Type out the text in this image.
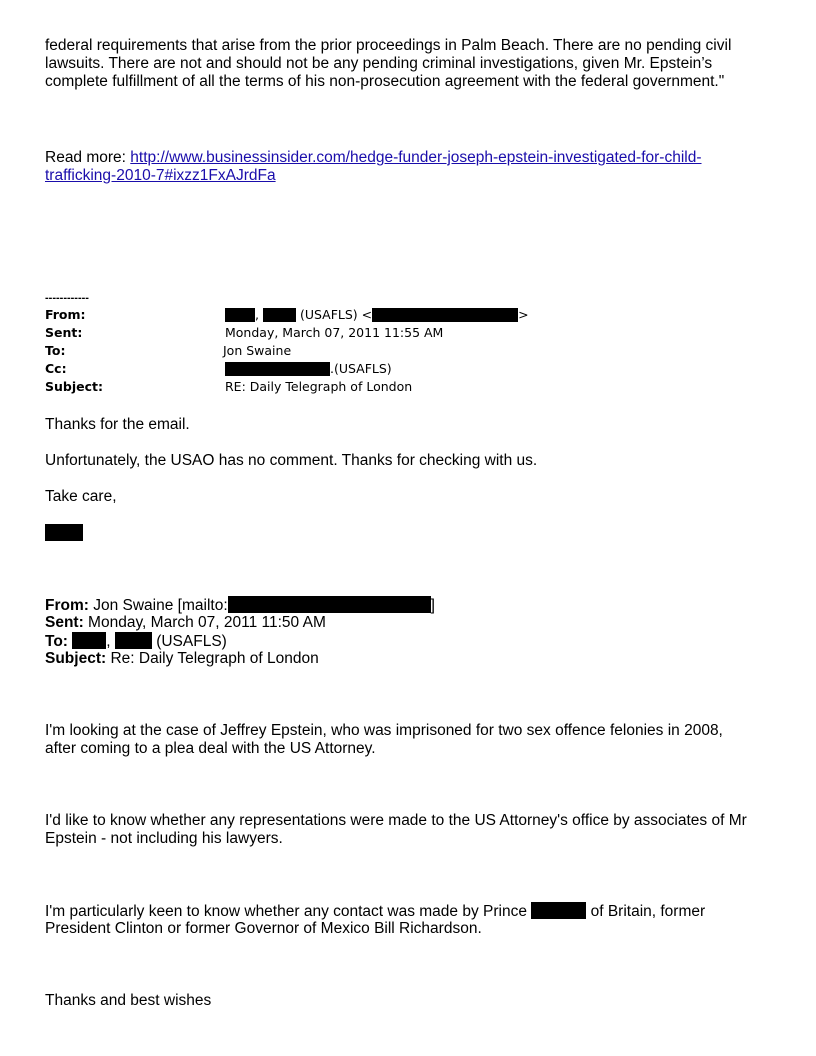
federal requirements that arise from the prior proceedings in Palm Beach. There are no pending civil
lawsuits. There are not and should not be any pending criminal investigations, given Mr. Epstein’s
complete fulfillment of all the terms of his non-prosecution agreement with the federal government."
Read more: http://www.businessinsider.com/hedge-funder-joseph-epstein-investigated-for-child-
trafficking-2010-7#ixzz1FxAJrdFa
------------
From:	,	(USAFLS) <	>
Sent:	Monday, March 07, 2011 11:55 AM
To:	Jon Swaine
Cc:	.(USAFLS)
Subject:	RE: Daily Telegraph of London
Thanks for the email.
Unfortunately, the USAO has no comment. Thanks for checking with us.
Take care,
From: Jon Swaine [mailto:	]
Sent: Monday, March 07, 2011 11:50 AM
To: ,	(USAFLS)
Subject: Re: Daily Telegraph of London
I'm looking at the case of Jeffrey Epstein, who was imprisoned for two sex offence felonies in 2008,
after coming to a plea deal with the US Attorney.
I'd like to know whether any representations were made to the US Attorney's office by associates of Mr
Epstein - not including his lawyers.
I'm particularly keen to know whether any contact was made by Prince	of Britain, former
President Clinton or former Governor of Mexico Bill Richardson.
Thanks and best wishes
